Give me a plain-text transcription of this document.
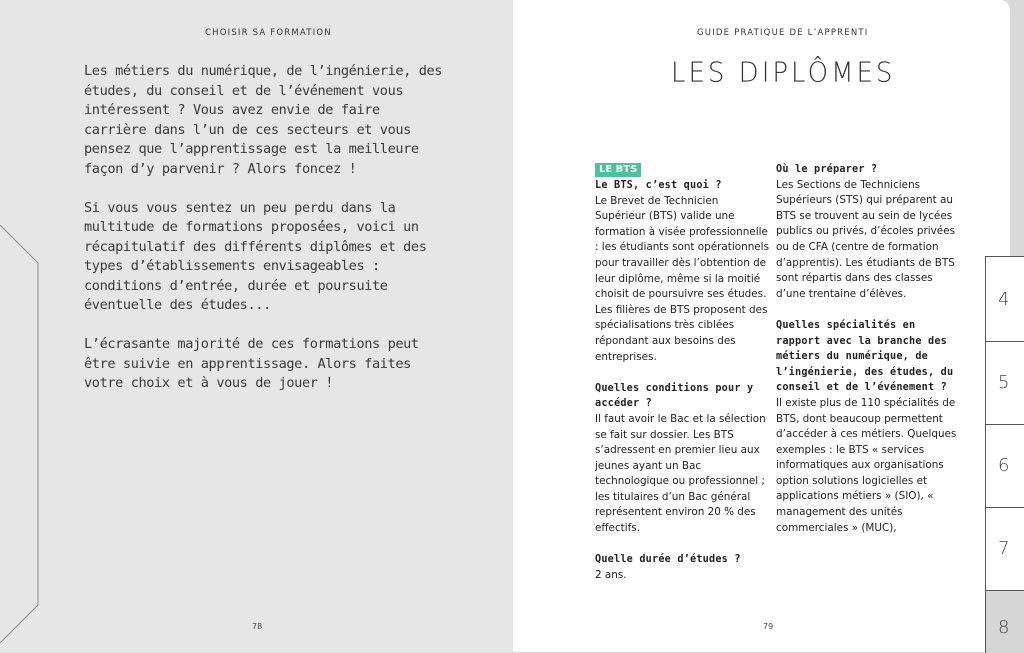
CHOISIR SA FORMATION

Les métiers du numérique, de l’ingénierie, des études, du conseil et de l’événement vous intéressent ? Vous avez envie de faire carrière dans l’un de ces secteurs et vous pensez que l’apprentissage est la meilleure façon d’y parvenir ? Alors foncez !

Si vous vous sentez un peu perdu dans la multitude de formations proposées, voici un récapitulatif des différents diplômes et des types d’établissements envisageables : conditions d’entrée, durée et poursuite éventuelle des études...

L’écrasante majorité de ces formations peut être suivie en apprentissage. Alors faites votre choix et à vous de jouer !

78
GUIDE PRATIQUE DE L’APPRENTI
LES DIPLÔMES
LE BTS
Le BTS, c’est quoi ?
Le Brevet de Technicien Supérieur (BTS) valide une formation à visée professionnelle : les étudiants sont opérationnels pour travailler dès l’obtention de leur diplôme, même si la moitié choisit de poursuivre ses études. Les filières de BTS proposent des spécialisations très ciblées répondant aux besoins des entreprises.
Quelles conditions pour y accéder ?
Il faut avoir le Bac et la sélection se fait sur dossier. Les BTS s’adressent en premier lieu aux jeunes ayant un Bac technologique ou professionnel ; les titulaires d’un Bac général représentent environ 20 % des effectifs.
Quelle durée d’études ?
2 ans.
Où le préparer ?
Les Sections de Techniciens Supérieurs (STS) qui préparent au BTS se trouvent au sein de lycées publics ou privés, d’écoles privées ou de CFA (centre de formation d’apprentis). Les étudiants de BTS sont répartis dans des classes d’une trentaine d’élèves.
Quelles spécialités en rapport avec la branche des métiers du numérique, de l’ingénierie, des études, du conseil et de l’événement ?
Il existe plus de 110 spécialités de BTS, dont beaucoup permettent d’accéder à ces métiers. Quelques exemples : le BTS « services informatiques aux organisations option solutions logicielles et applications métiers » (SIO), « management des unités commerciales » (MUC),
79
4
5
6
7
8
